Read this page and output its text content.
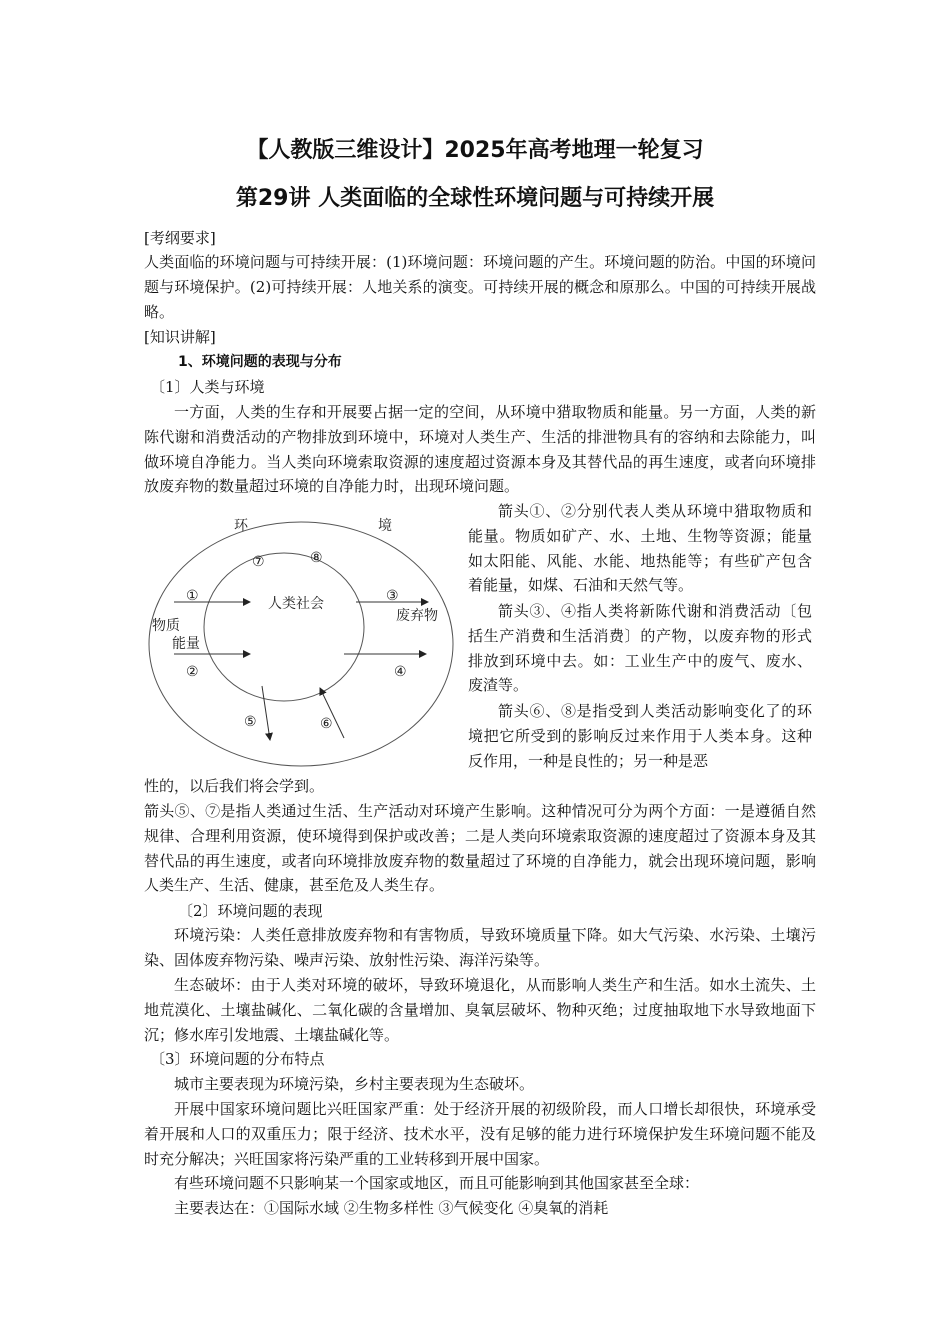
【人教版三维设计】2025年高考地理一轮复习
第29讲 人类面临的全球性环境问题与可持续开展
[考纲要求]

人类面临的环境问题与可持续开展：(1)环境问题：环境问题的产生。环境问题的防治。中国的环境问题与环境保护。(2)可持续开展：人地关系的演变。可持续开展的概念和原那么。中国的可持续开展战略。

[知识讲解]
1、环境问题的表现与分布
〔1〕人类与环境

一方面，人类的生存和开展要占据一定的空间，从环境中猎取物质和能量。另一方面，人类的新陈代谢和消费活动的产物排放到环境中，环境对人类生产、生活的排泄物具有的容纳和去除能力，叫做环境自净能力。当人类向环境索取资源的速度超过资源本身及其替代品的再生速度，或者向环境排放废弃物的数量超过环境的自净能力时，出现环境问题。

环	境
人类社会
物质
能量
废弃物
⑦	⑧
①	③
②	④
⑤	⑥

箭头①、②分别代表人类从环境中猎取物质和能量。物质如矿产、水、土地、生物等资源；能量如太阳能、风能、水能、地热能等；有些矿产包含着能量，如煤、石油和天然气等。

箭头③、④指人类将新陈代谢和消费活动〔包括生产消费和生活消费〕的产物，以废弃物的形式排放到环境中去。如：工业生产中的废气、废水、废渣等。

箭头⑥、⑧是指受到人类活动影响变化了的环境把它所受到的影响反过来作用于人类本身。这种反作用，一种是良性的；另一种是恶

性的，以后我们将会学到。

箭头⑤、⑦是指人类通过生活、生产活动对环境产生影响。这种情况可分为两个方面：一是遵循自然规律、合理利用资源，使环境得到保护或改善；二是人类向环境索取资源的速度超过了资源本身及其替代品的再生速度，或者向环境排放废弃物的数量超过了环境的自净能力，就会出现环境问题，影响人类生产、生活、健康，甚至危及人类生存。

〔2〕环境问题的表现

环境污染：人类任意排放废弃物和有害物质，导致环境质量下降。如大气污染、水污染、土壤污染、固体废弃物污染、噪声污染、放射性污染、海洋污染等。

生态破坏：由于人类对环境的破坏，导致环境退化，从而影响人类生产和生活。如水土流失、土地荒漠化、土壤盐碱化、二氧化碳的含量增加、臭氧层破坏、物种灭绝；过度抽取地下水导致地面下沉；修水库引发地震、土壤盐碱化等。

〔3〕环境问题的分布特点

城市主要表现为环境污染，乡村主要表现为生态破坏。

开展中国家环境问题比兴旺国家严重：处于经济开展的初级阶段，而人口增长却很快，环境承受着开展和人口的双重压力；限于经济、技术水平，没有足够的能力进行环境保护发生环境问题不能及时充分解决；兴旺国家将污染严重的工业转移到开展中国家。

有些环境问题不只影响某一个国家或地区，而且可能影响到其他国家甚至全球：

主要表达在：①国际水域 ②生物多样性 ③气候变化 ④臭氧的消耗
